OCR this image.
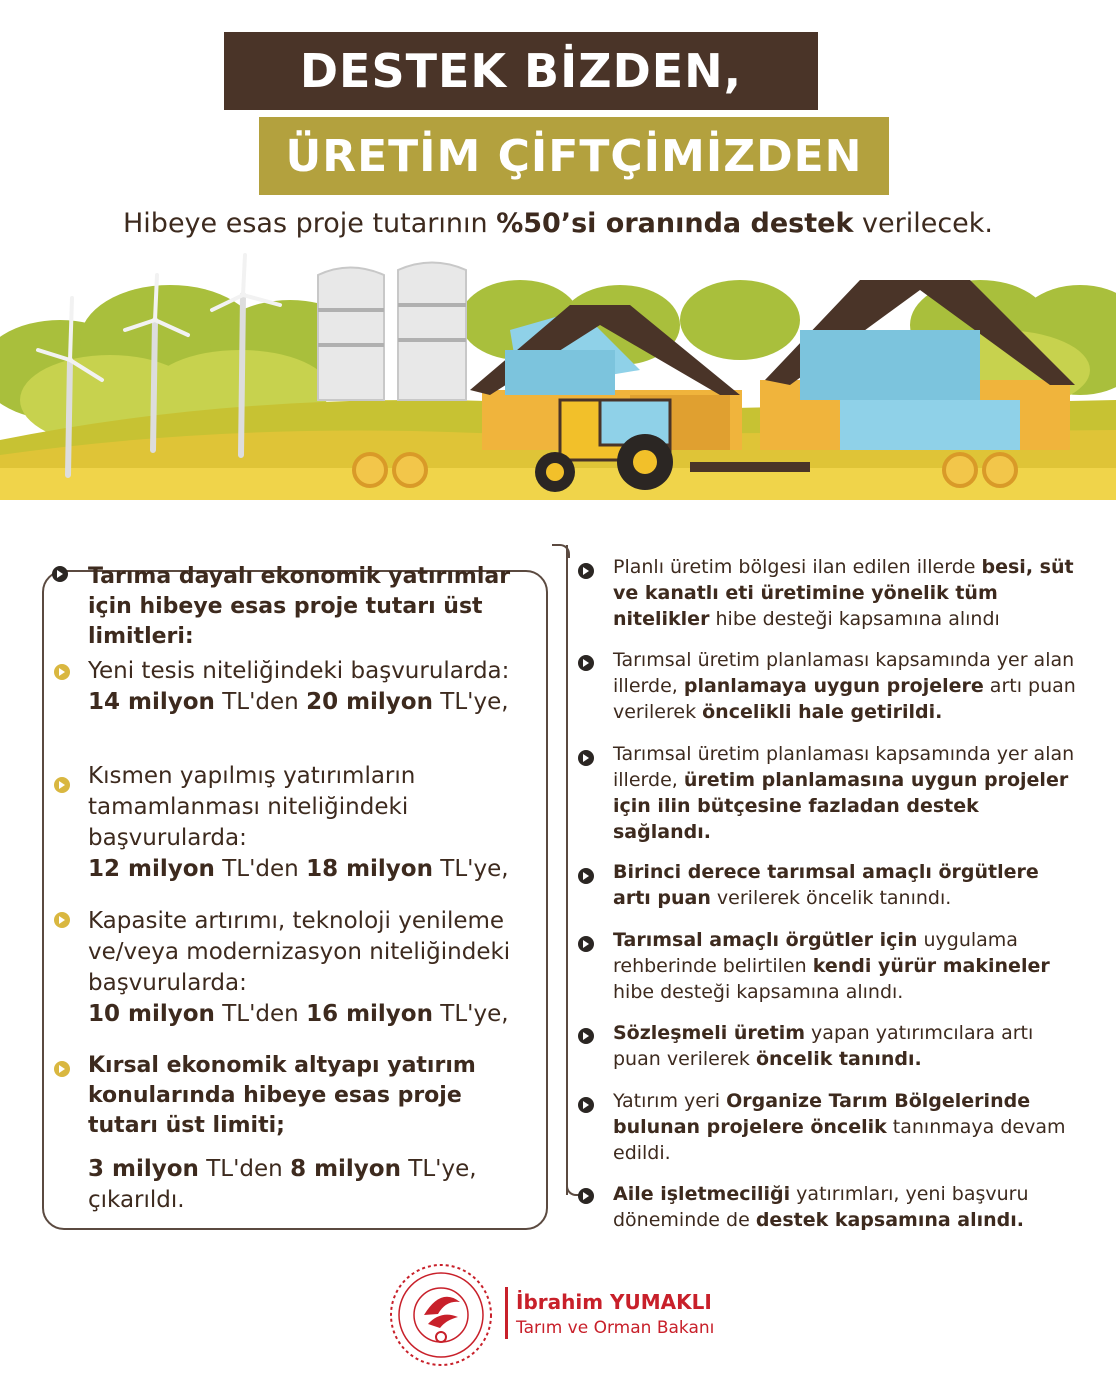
DESTEK BİZDEN,
ÜRETİM ÇİFTÇİMİZDEN
Hibeye esas proje tutarının %50’si oranında destek verilecek.
Tarıma dayalı ekonomik yatırımlar için hibeye esas proje tutarı üst limitleri:
Yeni tesis niteliğindeki başvurularda:
14 milyon TL'den 20 milyon TL'ye,
Kısmen yapılmış yatırımların tamamlanması niteliğindeki başvurularda:
12 milyon TL'den 18 milyon TL'ye,
Kapasite artırımı, teknoloji yenileme ve/veya modernizasyon niteliğindeki başvurularda:
10 milyon TL'den 16 milyon TL'ye,
Kırsal ekonomik altyapı yatırım konularında hibeye esas proje tutarı üst limiti;
3 milyon TL'den 8 milyon TL'ye,
çıkarıldı.
Planlı üretim bölgesi ilan edilen illerde besi, süt ve kanatlı eti üretimine yönelik tüm nitelikler hibe desteği kapsamına alındı
Tarımsal üretim planlaması kapsamında yer alan illerde, planlamaya uygun projelere artı puan verilerek öncelikli hale getirildi.
Tarımsal üretim planlaması kapsamında yer alan illerde, üretim planlamasına uygun projeler için ilin bütçesine fazladan destek sağlandı.
Birinci derece tarımsal amaçlı örgütlere artı puan verilerek öncelik tanındı.
Tarımsal amaçlı örgütler için uygulama rehberinde belirtilen kendi yürür makineler hibe desteği kapsamına alındı.
Sözleşmeli üretim yapan yatırımcılara artı puan verilerek öncelik tanındı.
Yatırım yeri Organize Tarım Bölgelerinde bulunan projelere öncelik tanınmaya devam edildi.
Aile işletmeciliği yatırımları, yeni başvuru döneminde de destek kapsamına alındı.
İbrahim YUMAKLI
Tarım ve Orman Bakanı
